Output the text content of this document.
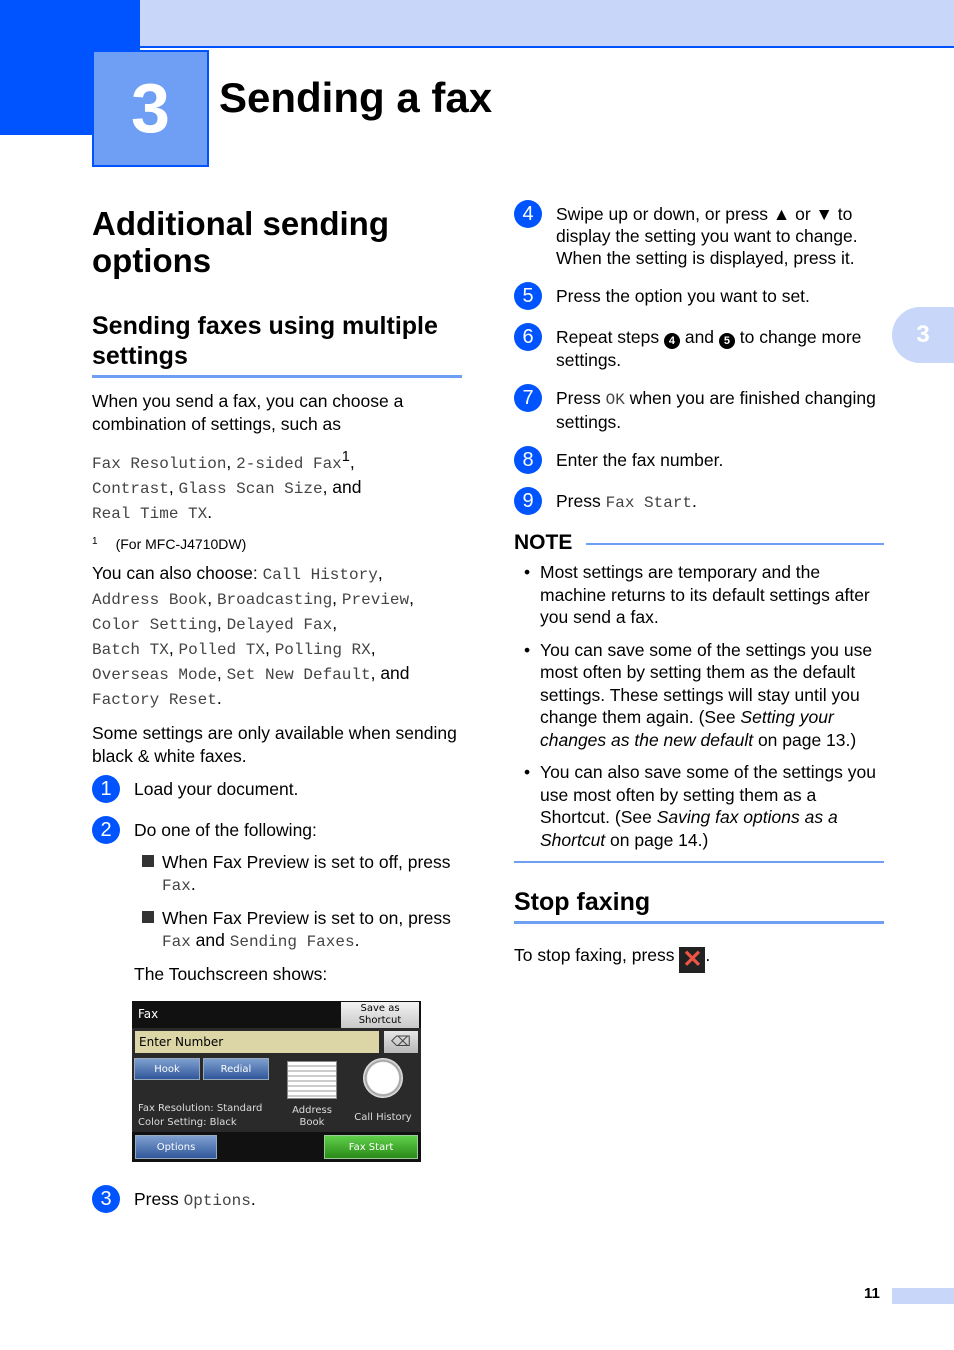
3	Sending a fax
3
Additional sending options
Sending faxes using multiple settings

When you send a fax, you can choose a combination of settings, such as

Fax Resolution, 2-sided Fax$^1$,
Contrast, Glass Scan Size, and
Real Time TX.

1 (For MFC-J4710DW)

You can also choose: Call History,
Address Book, Broadcasting, Preview,
Color Setting, Delayed Fax,
Batch TX, Polled TX, Polling RX,
Overseas Mode, Set New Default, and
Factory Reset.

Some settings are only available when sending black & white faxes.

1	Load your document.
2	Do one of the following:
When Fax Preview is set to off, press Fax.
When Fax Preview is set to on, press Fax and Sending Faxes.
The Touchscreen shows:
Fax	Save as Shortcut
Enter Number	⌫
Hook	Redial
Fax Resolution: Standard
Color Setting: Black
Address Book	Call History
Options	Fax Start
3	Press Options.
4	Swipe up or down, or press ▲ or ▼ to display the setting you want to change. When the setting is displayed, press it.
5	Press the option you want to set.
6	Repeat steps 4 and 5 to change more settings.
7	Press OK when you are finished changing settings.
8	Enter the fax number.
9	Press Fax Start.
NOTE
• Most settings are temporary and the machine returns to its default settings after you send a fax.
• You can save some of the settings you use most often by setting them as the default settings. These settings will stay until you change them again. (See Setting your changes as the new default on page 13.)
• You can also save some of the settings you use most often by setting them as a Shortcut. (See Saving fax options as a Shortcut on page 14.)
Stop faxing

To stop faxing, press ✕ .

11
